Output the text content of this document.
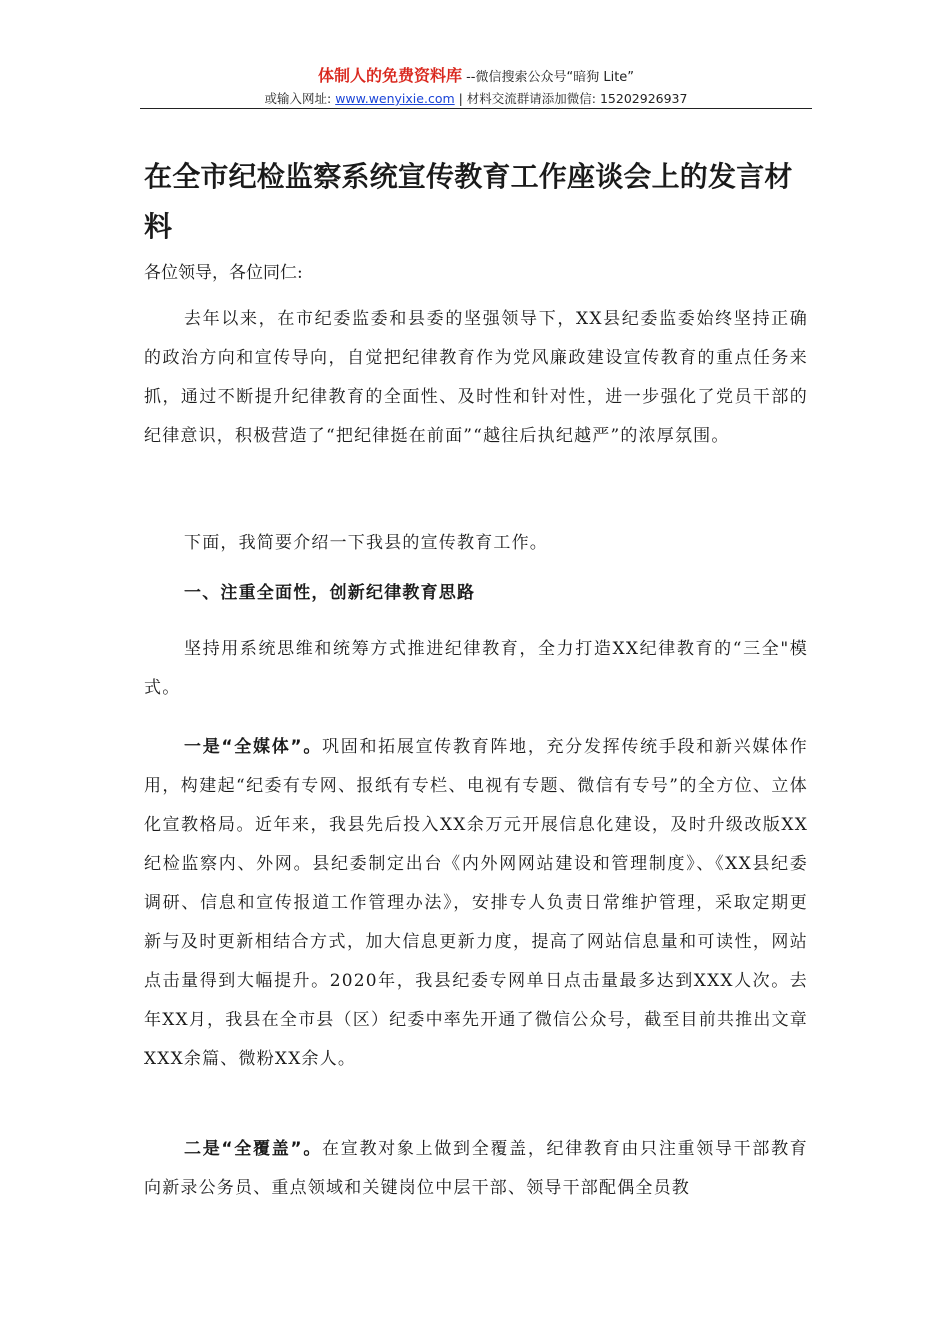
体制人的免费资料库 --微信搜索公众号“暗狗 Lite”
或输入网址: www.wenyixie.com | 材料交流群请添加微信: 15202926937
在全市纪检监察系统宣传教育工作座谈会上的发言材料

各位领导，各位同仁:

去年以来，在市纪委监委和县委的坚强领导下，XX县纪委监委始终坚持正确的政治方向和宣传导向，自觉把纪律教育作为党风廉政建设宣传教育的重点任务来抓，通过不断提升纪律教育的全面性、及时性和针对性，进一步强化了党员干部的纪律意识，积极营造了“把纪律挺在前面”“越往后执纪越严”的浓厚氛围。

下面，我简要介绍一下我县的宣传教育工作。

一、注重全面性，创新纪律教育思路

坚持用系统思维和统筹方式推进纪律教育，全力打造XX纪律教育的“三全"模式。

一是“全媒体”。巩固和拓展宣传教育阵地，充分发挥传统手段和新兴媒体作用，构建起“纪委有专网、报纸有专栏、电视有专题、微信有专号”的全方位、立体化宣教格局。近年来，我县先后投入XX余万元开展信息化建设，及时升级改版XX纪检监察内、外网。县纪委制定出台《内外网网站建设和管理制度》、《XX县纪委调研、信息和宣传报道工作管理办法》，安排专人负责日常维护管理，采取定期更新与及时更新相结合方式，加大信息更新力度，提高了网站信息量和可读性，网站点击量得到大幅提升。2020年，我县纪委专网单日点击量最多达到XXX人次。去年XX月，我县在全市县（区）纪委中率先开通了微信公众号，截至目前共推出文章XXX余篇、微粉XX余人。

二是“全覆盖”。在宣教对象上做到全覆盖，纪律教育由只注重领导干部教育向新录公务员、重点领域和关键岗位中层干部、领导干部配偶全员教
